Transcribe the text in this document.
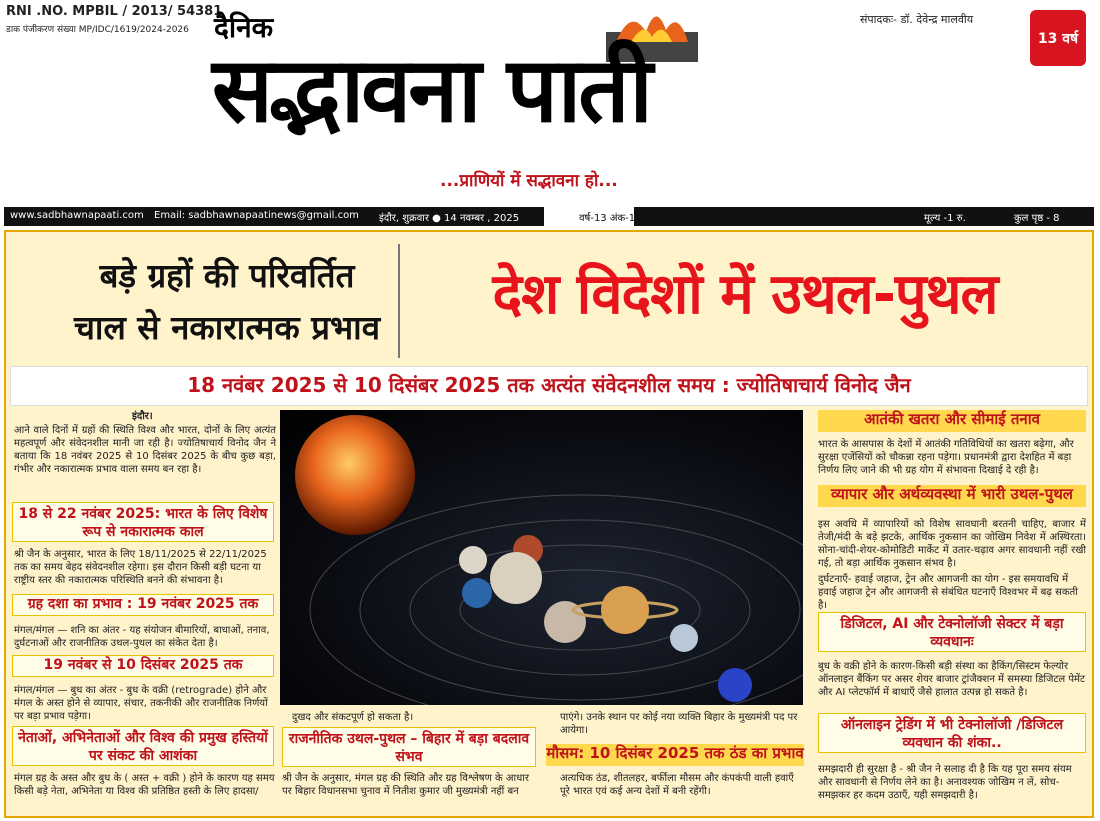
RNI .NO. MPBIL / 2013/ 54381
डाक पंजीकरण संख्या MP/IDC/1619/2024-2026 दैनिक
सद्भावना पाती
...प्राणियों में सद्भावना हो...
संपादकः- डॉ. देवेन्द्र मालवीय
13 वर्ष
www.sadbhawnapaati.com Email: sadbhawnapaatinews@gmail.com इंदौर, शुक्रवार ● 14 नवम्बर , 2025	वर्ष-13 अंक-196	मूल्य -1 रु.	कुल पृष्ठ - 8
बड़े ग्रहों की परिवर्तित
चाल से नकारात्मक प्रभाव
देश विदेशों में उथल-पुथल
18 नवंबर 2025 से 10 दिसंबर 2025 तक अत्यंत संवेदनशील समय : ज्योतिषाचार्य विनोद जैन
इंदौर।
आने वाले दिनों में ग्रहों की स्थिति विश्व और भारत, दोनों के लिए अत्यंत महत्वपूर्ण और संवेदनशील मानी जा रही है। ज्योतिषाचार्य विनोद जैन ने बताया कि 18 नवंबर 2025 से 10 दिसंबर 2025 के बीच कुछ बड़ा, गंभीर और नकारात्मक प्रभाव वाला समय बन रहा है।
18 से 22 नवंबर 2025: भारत के लिए विशेष रूप से नकारात्मक काल
श्री जैन के अनुसार, भारत के लिए 18/11/2025 से 22/11/2025 तक का समय बेहद संवेदनशील रहेगा। इस दौरान किसी बड़ी घटना या राष्ट्रीय स्तर की नकारात्मक परिस्थिति बनने की संभावना है।
ग्रह दशा का प्रभाव : 19 नवंबर 2025 तक
मंगल/मंगल — शनि का अंतर - यह संयोजन बीमारियों, बाधाओं, तनाव, दुर्घटनाओं और राजनीतिक उथल-पुथल का संकेत देता है।
19 नवंबर से 10 दिसंबर 2025 तक
मंगल/मंगल — बुध का अंतर - बुध के वक्री (retrograde) होने और मंगल के अस्त होने से व्यापार, संचार, तकनीकी और राजनीतिक निर्णयों पर बड़ा प्रभाव पड़ेगा।
नेताओं, अभिनेताओं और विश्व की प्रमुख हस्तियों पर संकट की आशंका
मंगल ग्रह के अस्त और बुध के ( अस्त + वक्री ) होने के कारण यह समय किसी बड़े नेता, अभिनेता या विश्व की प्रतिष्ठित हस्ती के लिए हादसा/
दुखद और संकटपूर्ण हो सकता है।
राजनीतिक उथल-पुथल – बिहार में बड़ा बदलाव संभव
श्री जैन के अनुसार, मंगल ग्रह की स्थिति और ग्रह विश्लेषण के आधार पर बिहार विधानसभा चुनाव में नितीश कुमार जी मुख्यमंत्री नहीं बन
पाएंगे। उनके स्थान पर कोई नया व्यक्ति बिहार के मुख्यमंत्री पद पर आयेगा।
मौसम: 10 दिसंबर 2025 तक ठंड का प्रभाव
अत्यधिक ठंड, शीतलहर, बर्फीला मौसम और कंपकंपी वाली हवाएँ पूरे भारत एवं कई अन्य देशों में बनी रहेंगी।
आतंकी खतरा और सीमाई तनाव
भारत के आसपास के देशों में आतंकी गतिविधियों का खतरा बढ़ेगा, और सुरक्षा एजेंसियों को चौकन्ना रहना पड़ेगा। प्रधानमंत्री द्वारा देशहित में बड़ा निर्णय लिए जाने की भी ग्रह योग में संभावना दिखाई दे रही है।
व्यापार और अर्थव्यवस्था में भारी उथल-पुथल
इस अवधि में व्यापारियों को विशेष सावधानी बरतनी चाहिए, बाजार में तेजी/मंदी के बड़े झटके, आर्थिक नुकसान का जोखिम निवेश में अस्थिरता। सोना-चांदी-शेयर-कोमोडिटी मार्केट में उतार-चढ़ाव अगर सावधानी नहीं रखी गई, तो बड़ा आर्थिक नुकसान संभव है।
दुर्घटनाएँ- हवाई जहाज, ट्रेन और आगजनी का योग - इस समयावधि में हवाई जहाज ट्रेन और आगजनी से संबंधित घटनाएँ विश्वभर में बढ़ सकती है।
डिजिटल, AI और टेक्नोलॉजी सेक्टर में बड़ा व्यवधानः
बुध के वक्री होने के कारण-किसी बड़ी संस्था का हैकिंग/सिस्टम फेल्योर ऑनलाइन बैंकिंग पर असर शेयर बाजार ट्रांजैक्शन में समस्या डिजिटल पेमेंट और AI प्लेटफॉर्म में बाधाएँ जैसे हालात उत्पन्न हो सकते है।
ऑनलाइन ट्रेडिंग में भी टेक्नोलॉजी /डिजिटल व्यवधान की शंका..
समझदारी ही सुरक्षा है - श्री जैन ने सलाह दी है कि यह पूरा समय संयम और सावधानी से निर्णय लेने का है। अनावश्यक जोखिम न लें, सोच-समझकर हर कदम उठाएँ, यही समझदारी है।
